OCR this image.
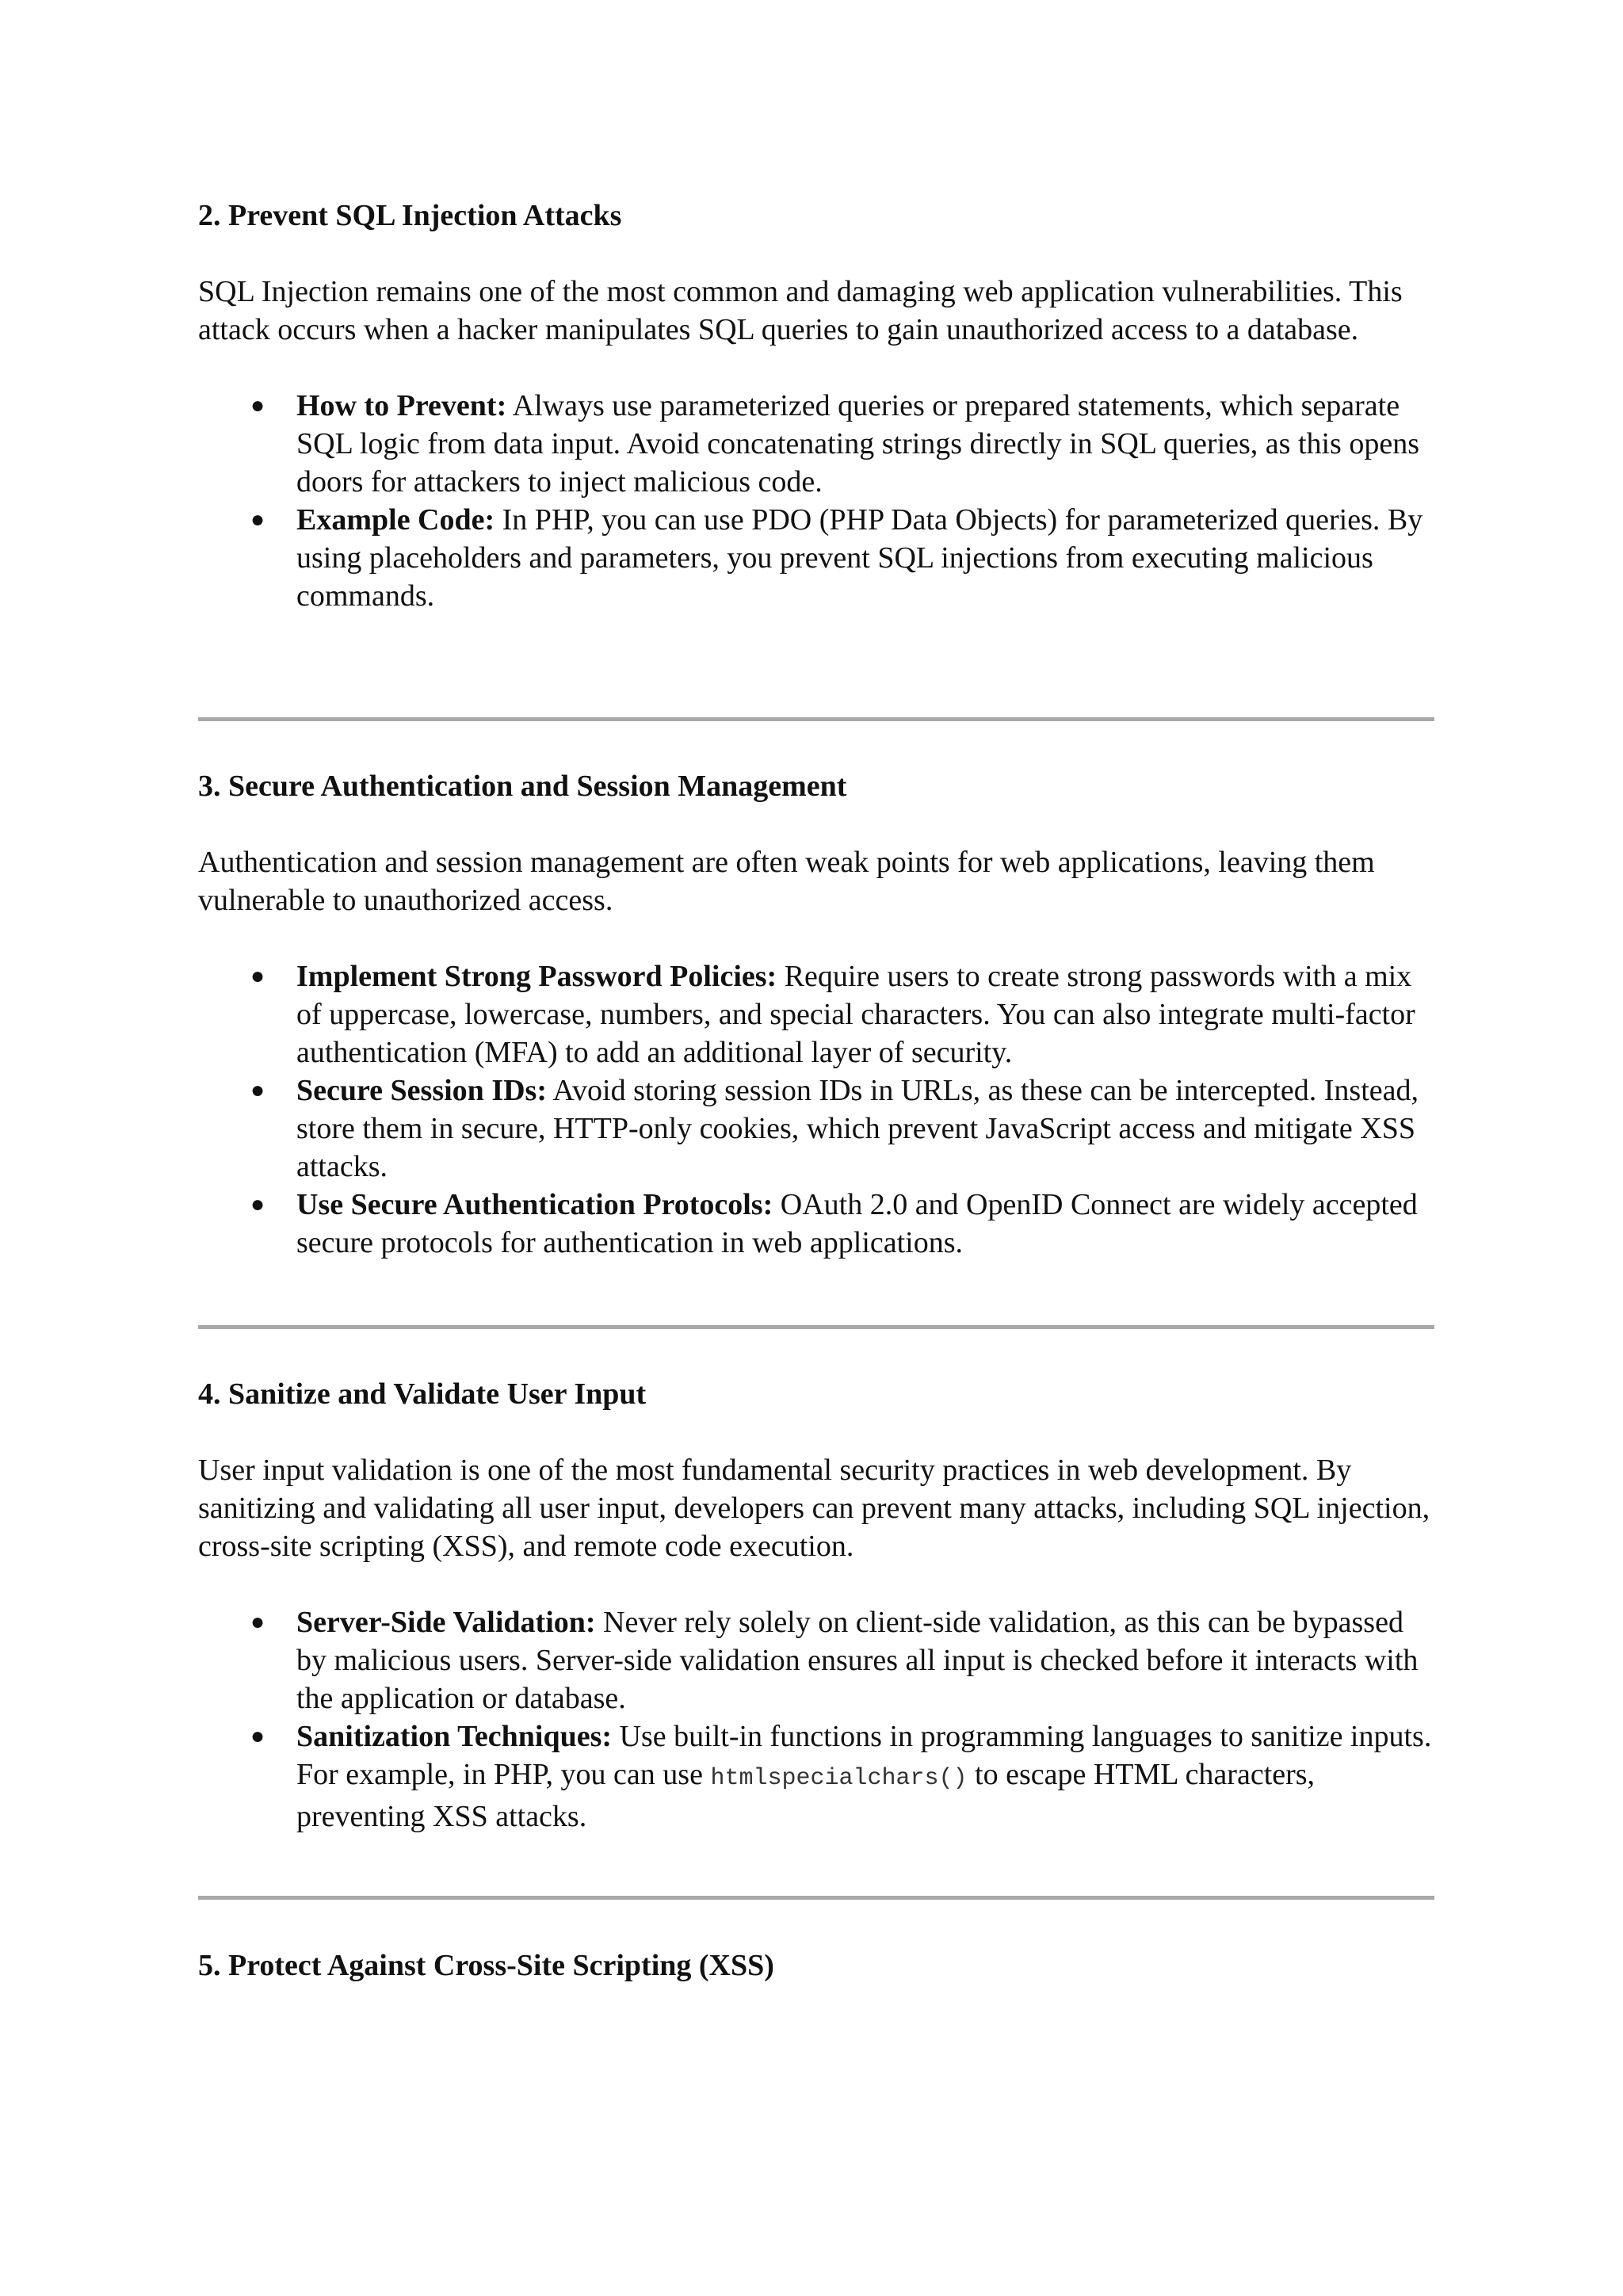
2. Prevent SQL Injection Attacks

SQL Injection remains one of the most common and damaging web application vulnerabilities. This attack occurs when a hacker manipulates SQL queries to gain unauthorized access to a database.

● How to Prevent: Always use parameterized queries or prepared statements, which separate SQL logic from data input. Avoid concatenating strings directly in SQL queries, as this opens doors for attackers to inject malicious code.
● Example Code: In PHP, you can use PDO (PHP Data Objects) for parameterized queries. By using placeholders and parameters, you prevent SQL injections from executing malicious commands.
3. Secure Authentication and Session Management

Authentication and session management are often weak points for web applications, leaving them vulnerable to unauthorized access.

● Implement Strong Password Policies: Require users to create strong passwords with a mix of uppercase, lowercase, numbers, and special characters. You can also integrate multi-factor authentication (MFA) to add an additional layer of security.
● Secure Session IDs: Avoid storing session IDs in URLs, as these can be intercepted. Instead, store them in secure, HTTP-only cookies, which prevent JavaScript access and mitigate XSS attacks.
● Use Secure Authentication Protocols: OAuth 2.0 and OpenID Connect are widely accepted secure protocols for authentication in web applications.
4. Sanitize and Validate User Input

User input validation is one of the most fundamental security practices in web development. By sanitizing and validating all user input, developers can prevent many attacks, including SQL injection, cross-site scripting (XSS), and remote code execution.

● Server-Side Validation: Never rely solely on client-side validation, as this can be bypassed by malicious users. Server-side validation ensures all input is checked before it interacts with the application or database.
● Sanitization Techniques: Use built-in functions in programming languages to sanitize inputs. For example, in PHP, you can use htmlspecialchars() to escape HTML characters, preventing XSS attacks.
5. Protect Against Cross-Site Scripting (XSS)
